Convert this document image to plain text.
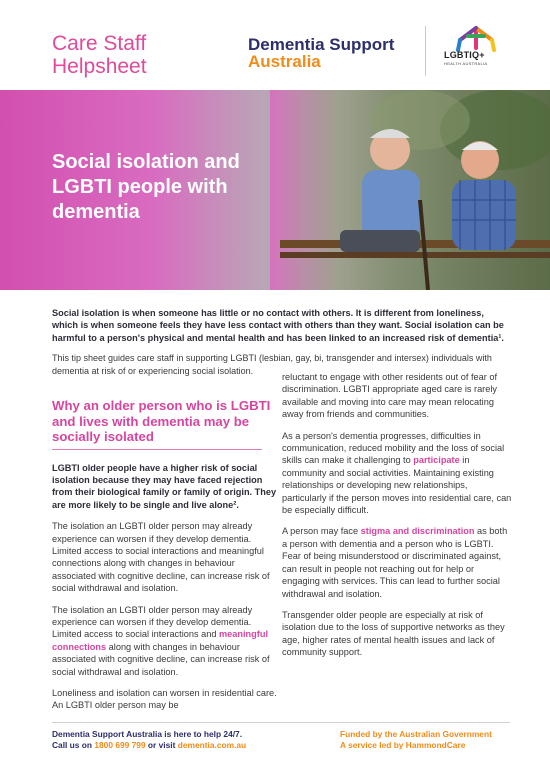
Care Staff
Helpsheet
Dementia Support
Australia	LGBTIQ+
HEALTH AUSTRALIA
Social isolation and LGBTI people with dementia

Social isolation is when someone has little or no contact with others. It is different from loneliness, which is when someone feels they have less contact with others than they want. Social isolation can be harmful to a person's physical and mental health and has been linked to an increased risk of dementia¹.

This tip sheet guides care staff in supporting LGBTI (lesbian, gay, bi, transgender and intersex) individuals with dementia at risk of or experiencing social isolation.

Why an older person who is LGBTI and lives with dementia may be socially isolated

LGBTI older people have a higher risk of social isolation because they may have faced rejection from their biological family or family of origin. They are more likely to be single and live alone².

The isolation an LGBTI older person may already experience can worsen if they develop dementia. Limited access to social interactions and meaningful connections along with changes in behaviour associated with cognitive decline, can increase risk of social withdrawal and isolation.

The isolation an LGBTI older person may already experience can worsen if they develop dementia. Limited access to social interactions and meaningful connections along with changes in behaviour associated with cognitive decline, can increase risk of social withdrawal and isolation.

Loneliness and isolation can worsen in residential care. An LGBTI older person may be

reluctant to engage with other residents out of fear of discrimination. LGBTI appropriate aged care is rarely available and moving into care may mean relocating away from friends and communities.

As a person's dementia progresses, difficulties in communication, reduced mobility and the loss of social skills can make it challenging to participate in community and social activities. Maintaining existing relationships or developing new relationships, particularly if the person moves into residential care, can be especially difficult.

A person may face stigma and discrimination as both a person with dementia and a person who is LGBTI. Fear of being misunderstood or discriminated against, can result in people not reaching out for help or engaging with services. This can lead to further social withdrawal and isolation.

Transgender older people are especially at risk of isolation due to the loss of supportive networks as they age, higher rates of mental health issues and lack of community support.

Dementia Support Australia is here to help 24/7.
Call us on 1800 699 799 or visit dementia.com.au
Funded by the Australian Government
A service led by HammondCare
